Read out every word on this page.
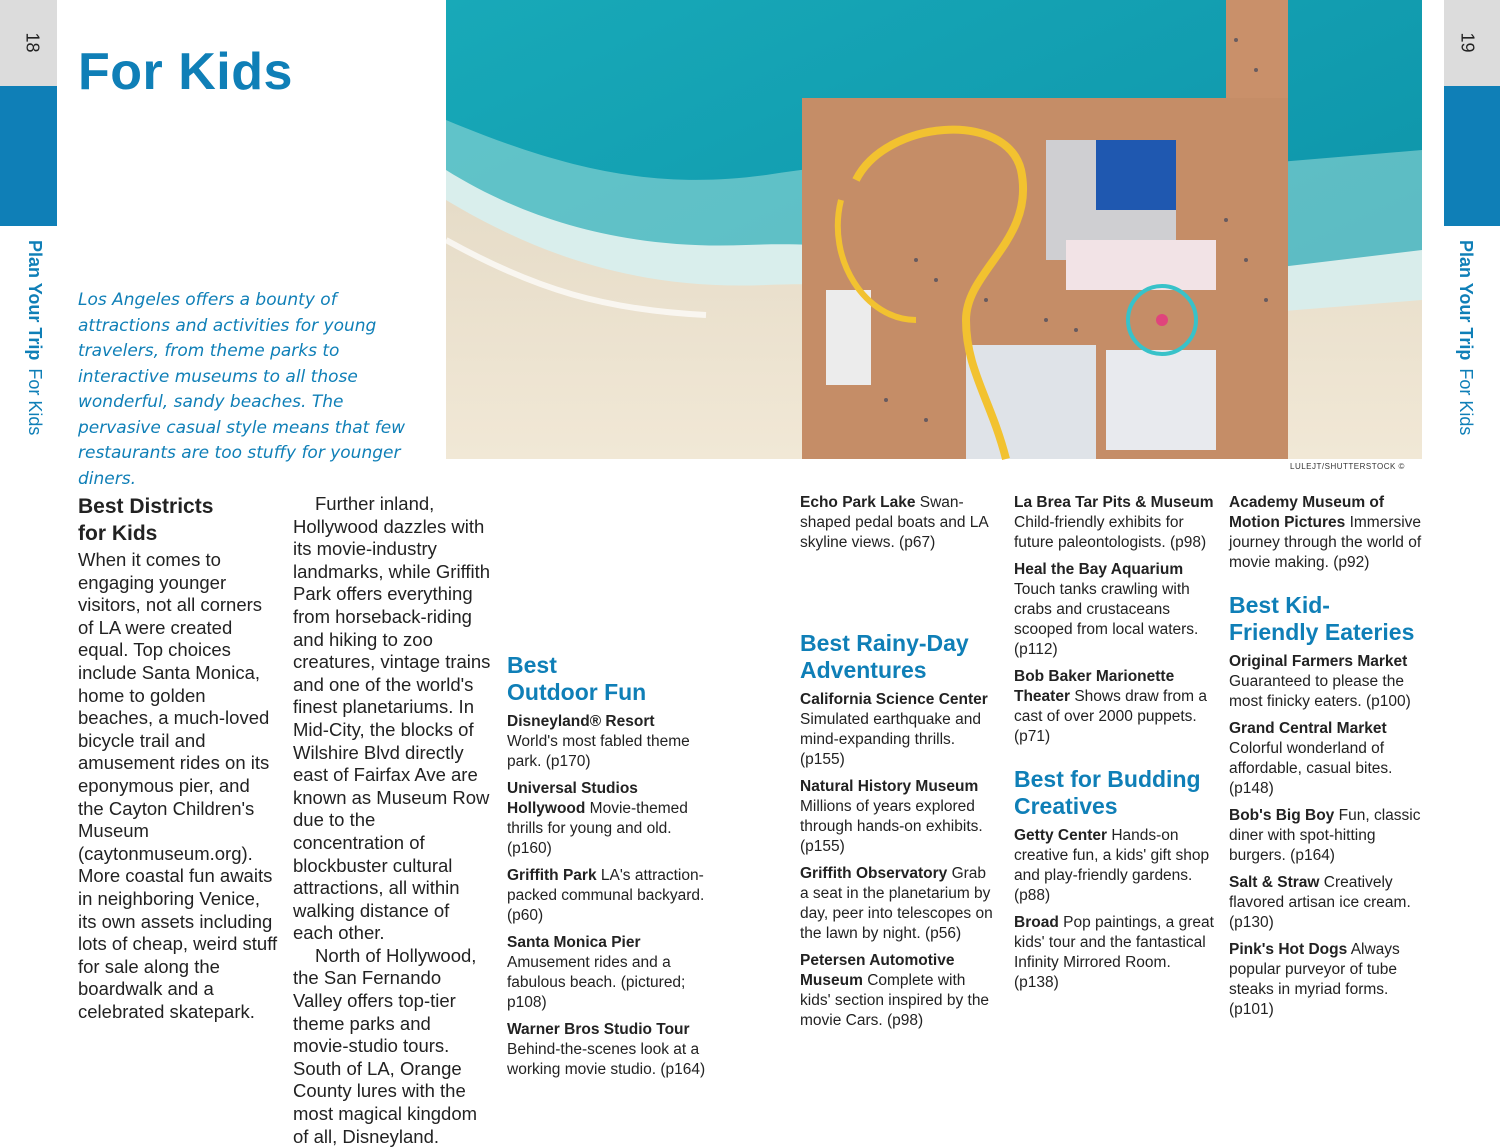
18
Plan Your TripFor Kids
19
Plan Your TripFor Kids
For Kids
Los Angeles offers a bounty of attractions and activities for young travelers, from theme parks to interactive museums to all those wonderful, sandy beaches. The pervasive casual style means that few restaurants are too stuffy for younger diners.
LULEJT/SHUTTERSTOCK ©
Best Districts
for Kids

When it comes to engaging younger visitors, not all corners of LA were created equal. Top choices include Santa Monica, home to golden beaches, a much-loved bicycle trail and amusement rides on its eponymous pier, and the Cayton Children's Museum (caytonmuseum.org). More coastal fun awaits in neighboring Venice, its own assets including lots of cheap, weird stuff for sale along the boardwalk and a celebrated skatepark.

Further inland, Hollywood dazzles with its movie-industry landmarks, while Griffith Park offers everything from horseback-riding and hiking to zoo creatures, vintage trains and one of the world's finest planetariums. In Mid-City, the blocks of Wilshire Blvd directly east of Fairfax Ave are known as Museum Row due to the concentration of blockbuster cultural attractions, all within walking distance of each other.

North of Hollywood, the San Fernando Valley offers top-tier theme parks and movie-studio tours. South of LA, Orange County lures with the most magical kingdom of all, Disneyland.

Best
Outdoor Fun
Disneyland® Resort World's most fabled theme park. (p170)
Universal Studios Hollywood Movie-themed thrills for young and old. (p160)
Griffith Park LA's attraction-packed communal backyard. (p60)
Santa Monica Pier Amusement rides and a fabulous beach. (pictured; p108)
Warner Bros Studio Tour Behind-the-scenes look at a working movie studio. (p164)
Best Rainy-Day
Adventures
California Science Center Simulated earthquake and mind-expanding thrills. (p155)
Natural History Museum Millions of years explored through hands-on exhibits. (p155)
Griffith Observatory Grab a seat in the planetarium by day, peer into telescopes on the lawn by night. (p56)
Petersen Automotive Museum Complete with kids' section inspired by the movie Cars. (p98)
La Brea Tar Pits & Museum Child-friendly exhibits for future paleontologists. (p98)
Heal the Bay Aquarium Touch tanks crawling with crabs and crustaceans scooped from local waters. (p112)
Bob Baker Marionette Theater Shows draw from a cast of over 2000 puppets. (p71)
Best for Budding
Creatives
Getty Center Hands-on creative fun, a kids' gift shop and play-friendly gardens. (p88)
Broad Pop paintings, a great kids' tour and the fantastical Infinity Mirrored Room. (p138)
Academy Museum of Motion Pictures Immersive journey through the world of movie making. (p92)
Best Kid-
Friendly Eateries
Original Farmers Market Guaranteed to please the most finicky eaters. (p100)
Grand Central Market Colorful wonderland of affordable, casual bites. (p148)
Bob's Big Boy Fun, classic diner with spot-hitting burgers. (p164)
Salt & Straw Creatively flavored artisan ice cream. (p130)
Pink's Hot Dogs Always popular purveyor of tube steaks in myriad forms. (p101)
Echo Park Lake Swan-shaped pedal boats and LA skyline views. (p67)
